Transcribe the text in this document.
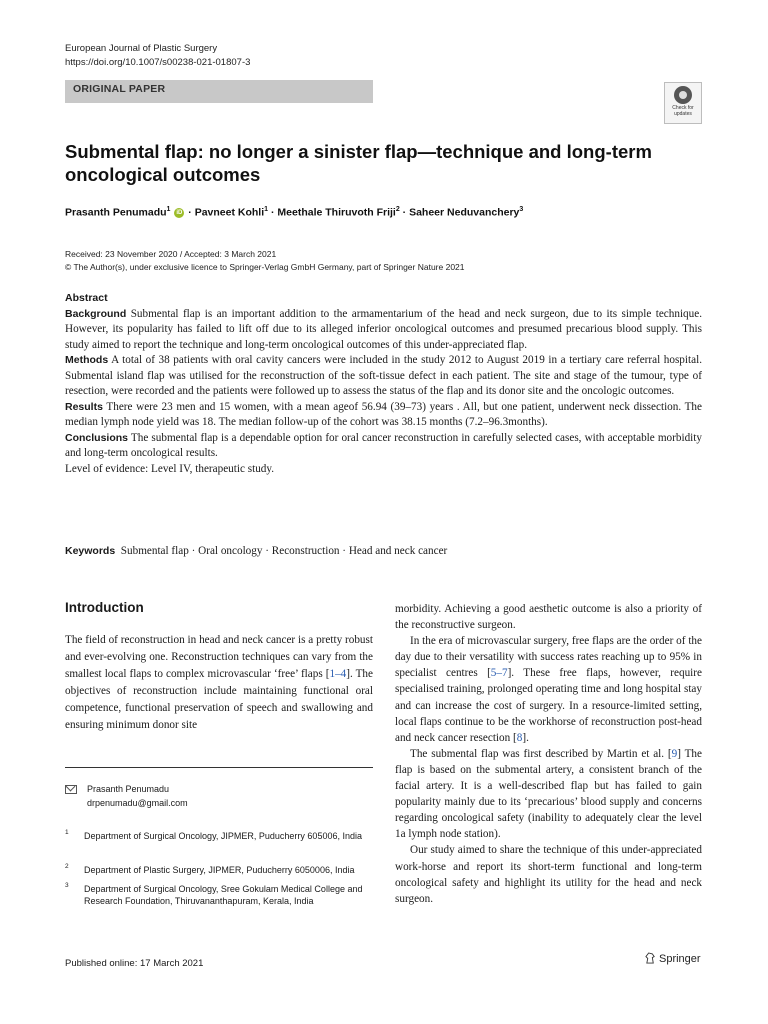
European Journal of Plastic Surgery
https://doi.org/10.1007/s00238-021-01807-3
ORIGINAL PAPER
Check for updates
Submental flap: no longer a sinister flap—technique and long-term oncological outcomes
Prasanth Penumadu$^1$ iD · Pavneet Kohli$^1$ · Meethale Thiruvoth Friji$^2$ · Saheer Neduvanchery$^3$
Received: 23 November 2020 / Accepted: 3 March 2021
© The Author(s), under exclusive licence to Springer-Verlag GmbH Germany, part of Springer Nature 2021

Abstract

Background Submental flap is an important addition to the armamentarium of the head and neck surgeon, due to its simple technique. However, its popularity has failed to lift off due to its alleged inferior oncological outcomes and presumed precarious blood supply. This study aimed to report the technique and long-term oncological outcomes of this under-appreciated flap.

Methods A total of 38 patients with oral cavity cancers were included in the study 2012 to August 2019 in a tertiary care referral hospital. Submental island flap was utilised for the reconstruction of the soft-tissue defect in each patient. The site and stage of the tumour, type of resection, were recorded and the patients were followed up to assess the status of the flap and its donor site and the oncologic outcomes.

Results There were 23 men and 15 women, with a mean ageof 56.94 (39–73) years . All, but one patient, underwent neck dissection. The median lymph node yield was 18. The median follow-up of the cohort was 38.15 months (7.2–96.3months).

Conclusions The submental flap is a dependable option for oral cancer reconstruction in carefully selected cases, with acceptable morbidity and long-term oncological results.

Level of evidence: Level IV, therapeutic study.

Keywords Submental flap · Oral oncology · Reconstruction · Head and neck cancer
Introduction

The field of reconstruction in head and neck cancer is a pretty robust and ever-evolving one. Reconstruction techniques can vary from the smallest local flaps to complex microvascular ‘free’ flaps [1–4]. The objectives of reconstruction include maintaining functional oral competence, functional preservation of speech and swallowing and ensuring minimum donor site

Prasanth Penumadu
drpenumadu@gmail.com
1 Department of Surgical Oncology, JIPMER, Puducherry 605006, India
2 Department of Plastic Surgery, JIPMER, Puducherry 6050006, India
3 Department of Surgical Oncology, Sree Gokulam Medical College and Research Foundation, Thiruvananthapuram, Kerala, India

morbidity. Achieving a good aesthetic outcome is also a priority of the reconstructive surgeon.

In the era of microvascular surgery, free flaps are the order of the day due to their versatility with success rates reaching up to 95% in specialist centres [5–7]. These free flaps, however, require specialised training, prolonged operating time and long hospital stay and can increase the cost of surgery. In a resource-limited setting, local flaps continue to be the workhorse of reconstruction post-head and neck cancer resection [8].

The submental flap was first described by Martin et al. [9] The flap is based on the submental artery, a consistent branch of the facial artery. It is a well-described flap but has failed to gain popularity mainly due to its ‘precarious’ blood supply and concerns regarding oncological safety (inability to adequately clear the level 1a lymph node station).

Our study aimed to share the technique of this under-appreciated work-horse and report its short-term functional and long-term oncological safety and highlight its utility for the head and neck surgeon.

Published online: 17 March 2021	Springer
